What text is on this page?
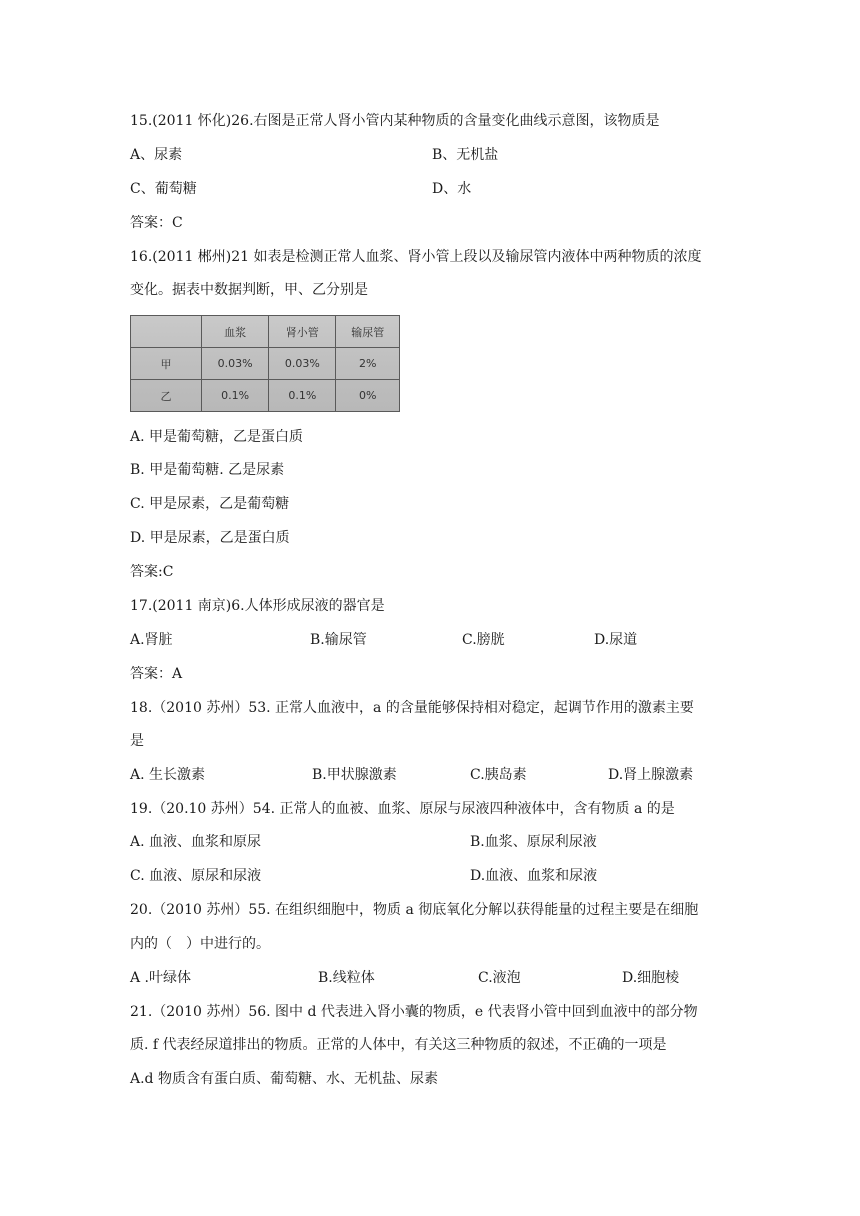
15.(2011 怀化)26.右图是正常人肾小管内某种物质的含量变化曲线示意图，该物质是
A、尿素	B、无机盐
C、葡萄糖	D、水
答案：C
16.(2011 郴州)21 如表是检测正常人血浆、肾小管上段以及输尿管内液体中两种物质的浓度
变化。据表中数据判断，甲、乙分别是
	血浆	肾小管	输尿管
甲	0.03%	0.03%	2%
乙	0.1%	0.1%	0%
A. 甲是葡萄糖，乙是蛋白质
B. 甲是葡萄糖. 乙是尿素
C. 甲是尿素，乙是葡萄糖
D. 甲是尿素，乙是蛋白质
答案:C
17.(2011 南京)6.人体形成尿液的器官是
A.肾脏	B.输尿管	C.膀胱	D.尿道
答案：A
18.（2010 苏州）53. 正常人血液中，a 的含量能够保持相对稳定，起调节作用的激素主要
是
A. 生长激素	B.甲状腺激素	C.胰岛素	D.肾上腺激素
19.（20.10 苏州）54. 正常人的血被、血浆、原尿与尿液四种液体中，含有物质 a 的是
A. 血液、血浆和原尿	B.血浆、原尿利尿液
C. 血液、原尿和尿液	D.血液、血浆和尿液
20.（2010 苏州）55. 在组织细胞中，物质 a 彻底氧化分解以获得能量的过程主要是在细胞
内的（　）中进行的。
A .叶绿体	B.线粒体	C.液泡	D.细胞棱
21.（2010 苏州）56. 图中 d 代表进入肾小囊的物质，e 代表肾小管中回到血液中的部分物
质. f 代表经尿道排出的物质。正常的人体中，有关这三种物质的叙述，不正确的一项是
A.d 物质含有蛋白质、葡萄糖、水、无机盐、尿素
